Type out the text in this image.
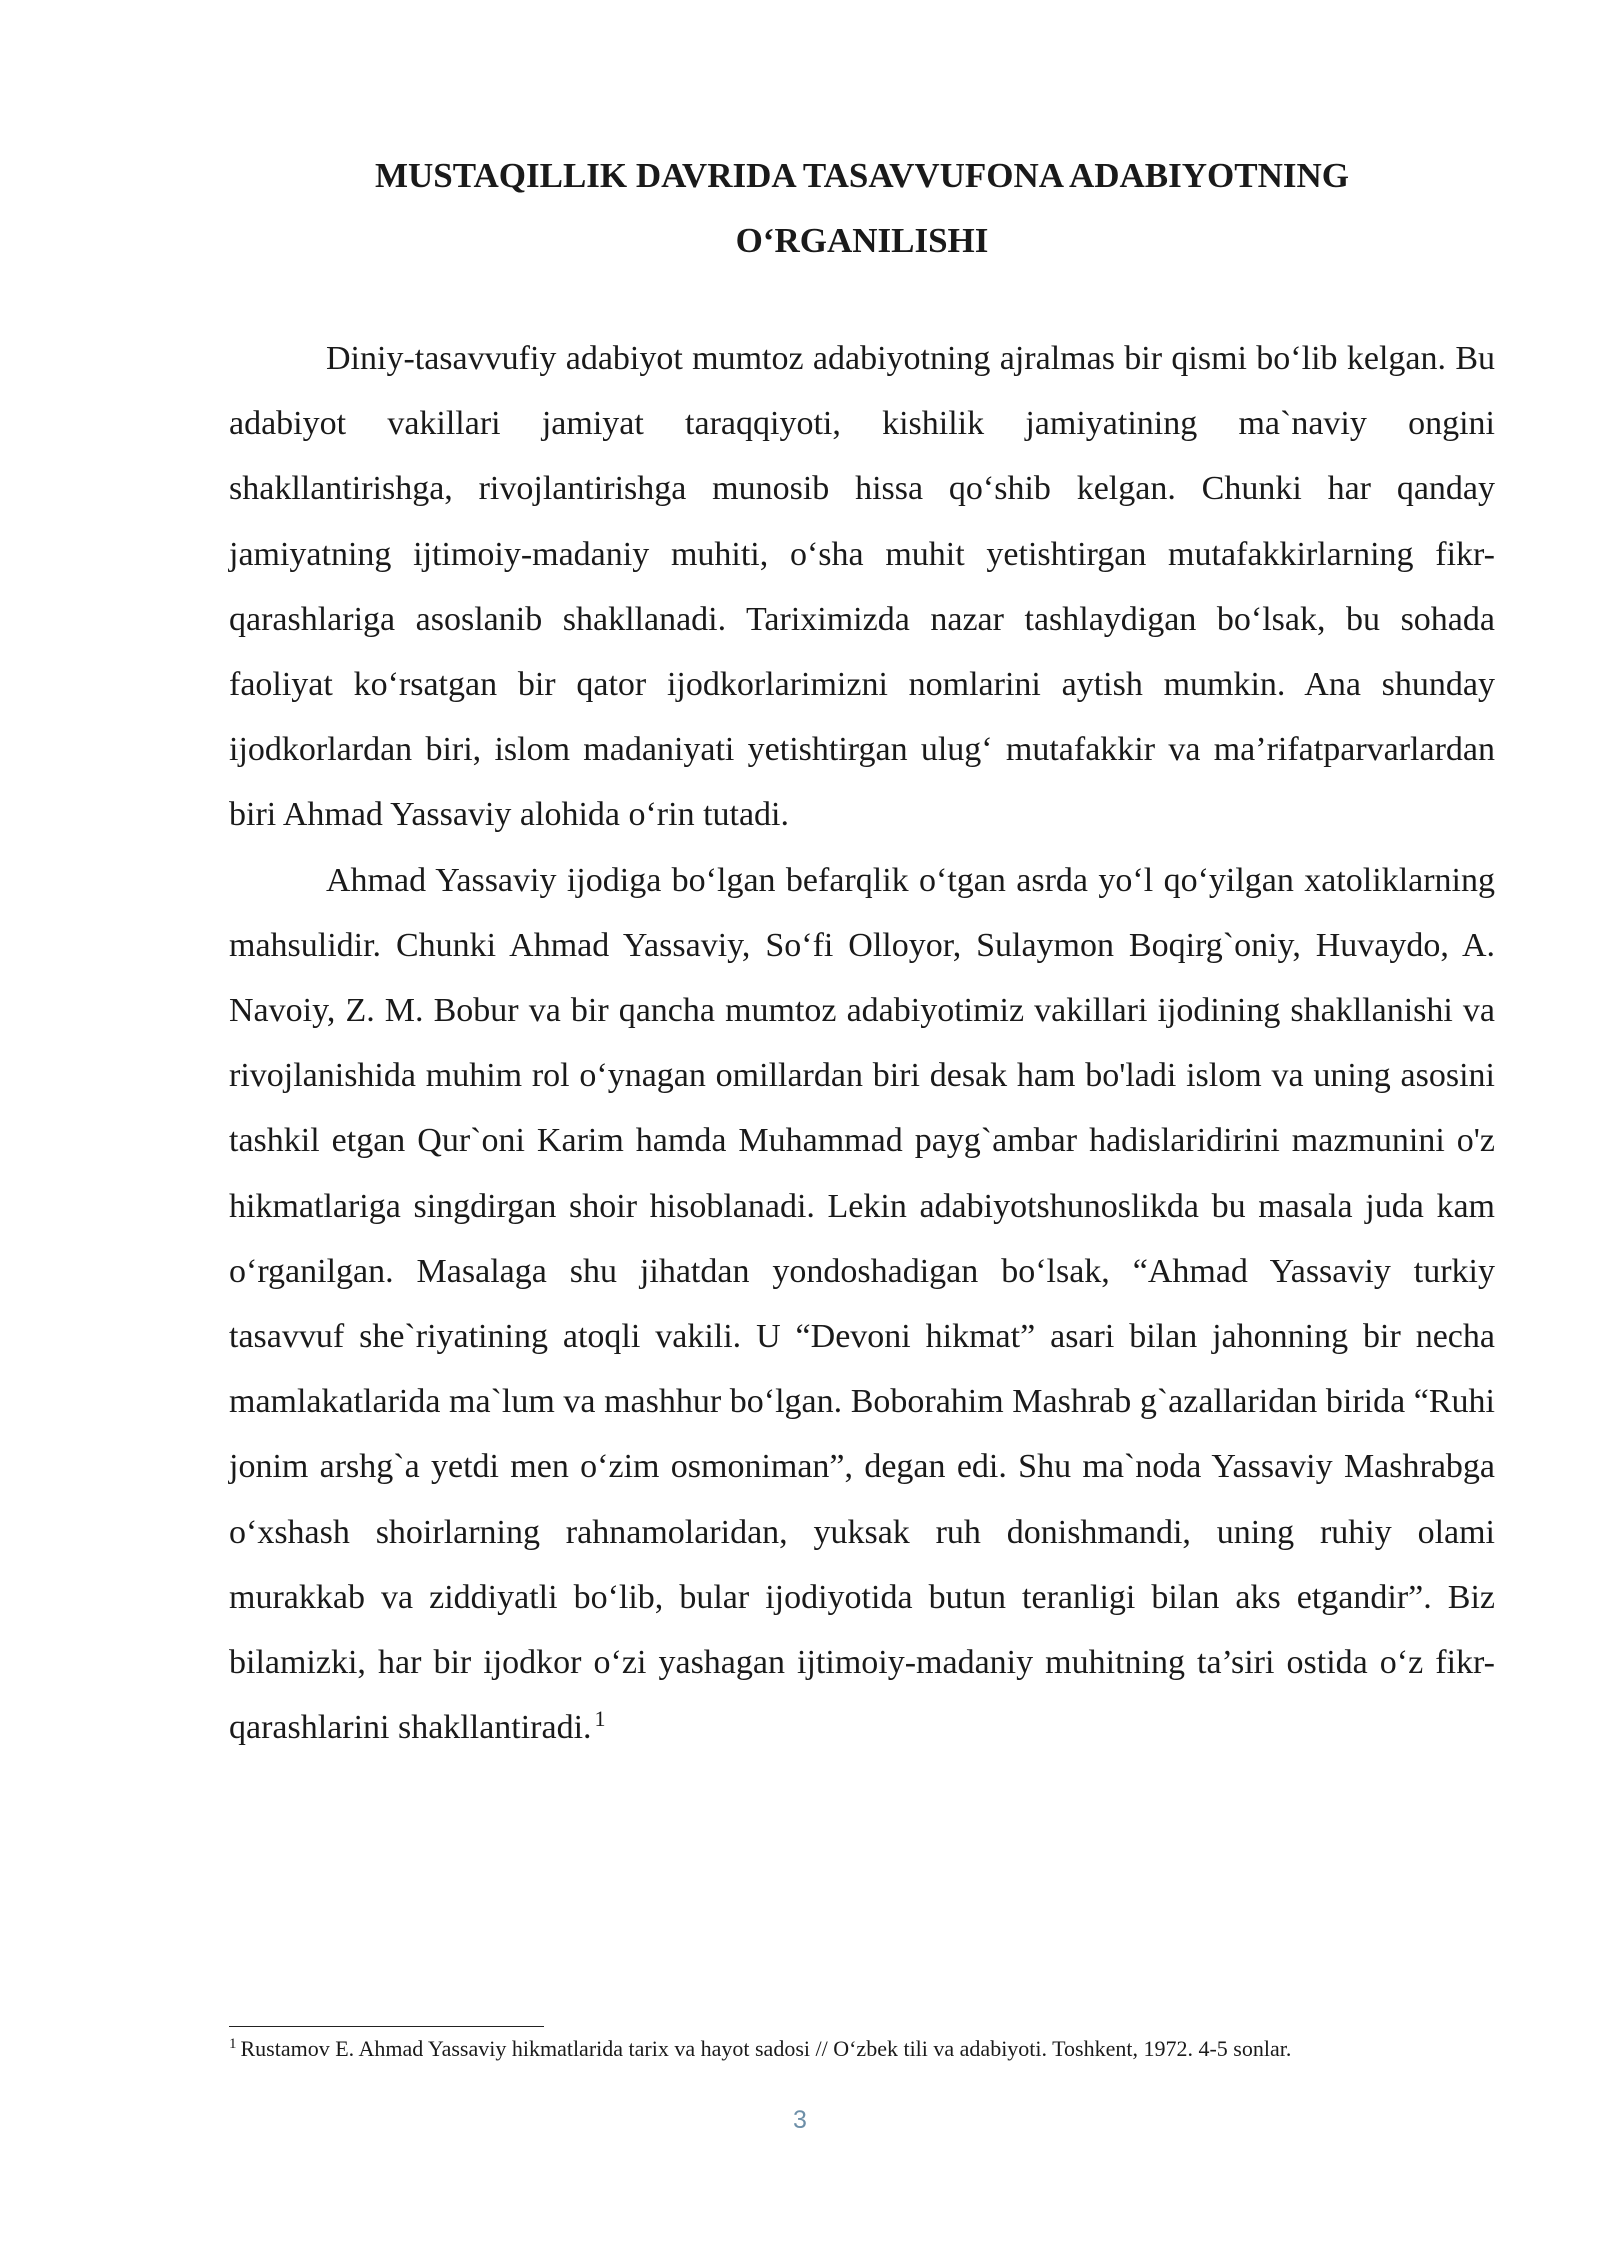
MUSTAQILLIK DAVRIDA TASAVVUFONA ADABIYOTNING
O‘RGANILISHI

Diniy-tasavvufiy adabiyot mumtoz adabiyotning ajralmas bir qismi bo‘lib kelgan. Bu adabiyot vakillari jamiyat taraqqiyoti, kishilik jamiyatining ma`naviy ongini shakllantirishga, rivojlantirishga munosib hissa qo‘shib kelgan. Chunki har qanday jamiyatning ijtimoiy-madaniy muhiti, o‘sha muhit yetishtirgan mutafakkirlarning fikr-qarashlariga asoslanib shakllanadi. Tariximizda nazar tashlaydigan bo‘lsak, bu sohada faoliyat ko‘rsatgan bir qator ijodkorlarimizni nomlarini aytish mumkin. Ana shunday ijodkorlardan biri, islom madaniyati yetishtirgan ulug‘ mutafakkir va ma’rifatparvarlardan biri Ahmad Yassaviy alohida o‘rin tutadi.

Ahmad Yassaviy ijodiga bo‘lgan befarqlik o‘tgan asrda yo‘l qo‘yilgan xatoliklarning mahsulidir. Chunki Ahmad Yassaviy, So‘fi Olloyor, Sulaymon Boqirg`oniy, Huvaydo, A. Navoiy, Z. M. Bobur va bir qancha mumtoz adabiyotimiz vakillari ijodining shakllanishi va rivojlanishida muhim rol o‘ynagan omillardan biri desak ham bo'ladi islom va uning asosini tashkil etgan Qur`oni Karim hamda Muhammad payg`ambar hadislaridirini mazmunini o'z hikmatlariga singdirgan shoir hisoblanadi. Lekin adabiyotshunoslikda bu masala juda kam o‘rganilgan. Masalaga shu jihatdan yondoshadigan bo‘lsak, “Ahmad Yassaviy turkiy tasavvuf she`riyatining atoqli vakili. U “Devoni hikmat” asari bilan jahonning bir necha mamlakatlarida ma`lum va mashhur bo‘lgan. Boborahim Mashrab g`azallaridan birida “Ruhi jonim arshg`a yetdi men o‘zim osmoniman”, degan edi. Shu ma`noda Yassaviy Mashrabga o‘xshash shoirlarning rahnamolaridan, yuksak ruh donishmandi, uning ruhiy olami murakkab va ziddiyatli bo‘lib, bular ijodiyotida butun teranligi bilan aks etgandir”. Biz bilamizki, har bir ijodkor o‘zi yashagan ijtimoiy-madaniy muhitning ta’siri ostida o‘z fikr-qarashlarini shakllantiradi. $^1$

$^1$ Rustamov E. Ahmad Yassaviy hikmatlarida tarix va hayot sadosi // O‘zbek tili va adabiyoti. Toshkent, 1972. 4-5 sonlar.
3
